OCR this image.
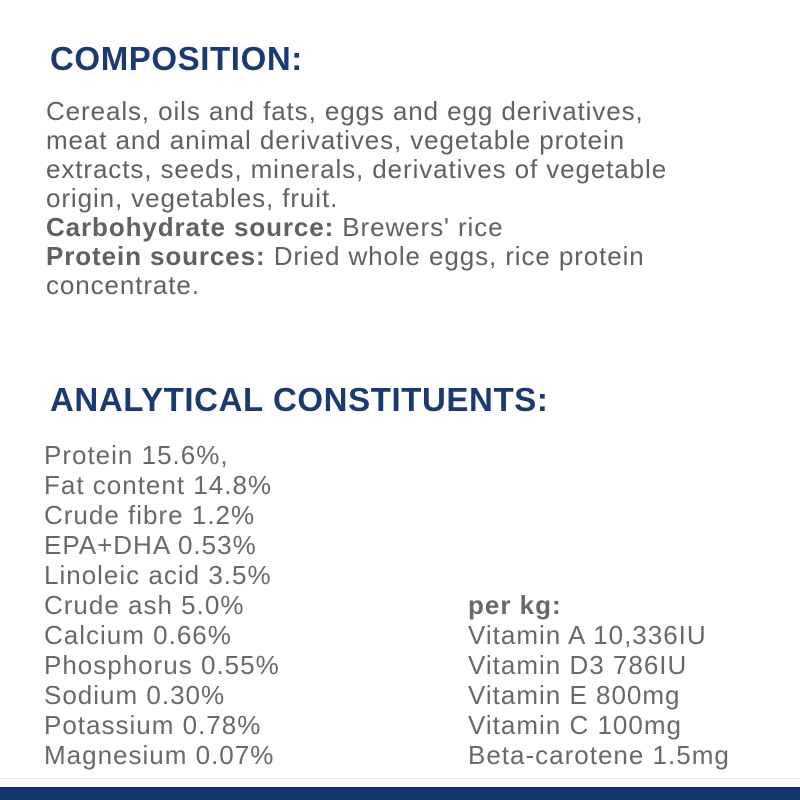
COMPOSITION:
Cereals, oils and fats, eggs and egg derivatives,
meat and animal derivatives, vegetable protein
extracts, seeds, minerals, derivatives of vegetable
origin, vegetables, fruit.
Carbohydrate source: Brewers' rice
Protein sources: Dried whole eggs, rice protein
concentrate.
ANALYTICAL CONSTITUENTS:
Protein 15.6%,
Fat content 14.8%
Crude fibre 1.2%
EPA+DHA 0.53%
Linoleic acid 3.5%
Crude ash 5.0%
Calcium 0.66%
Phosphorus 0.55%
Sodium 0.30%
Potassium 0.78%
Magnesium 0.07%
per kg:
Vitamin A 10,336IU
Vitamin D3 786IU
Vitamin E 800mg
Vitamin C 100mg
Beta-carotene 1.5mg
